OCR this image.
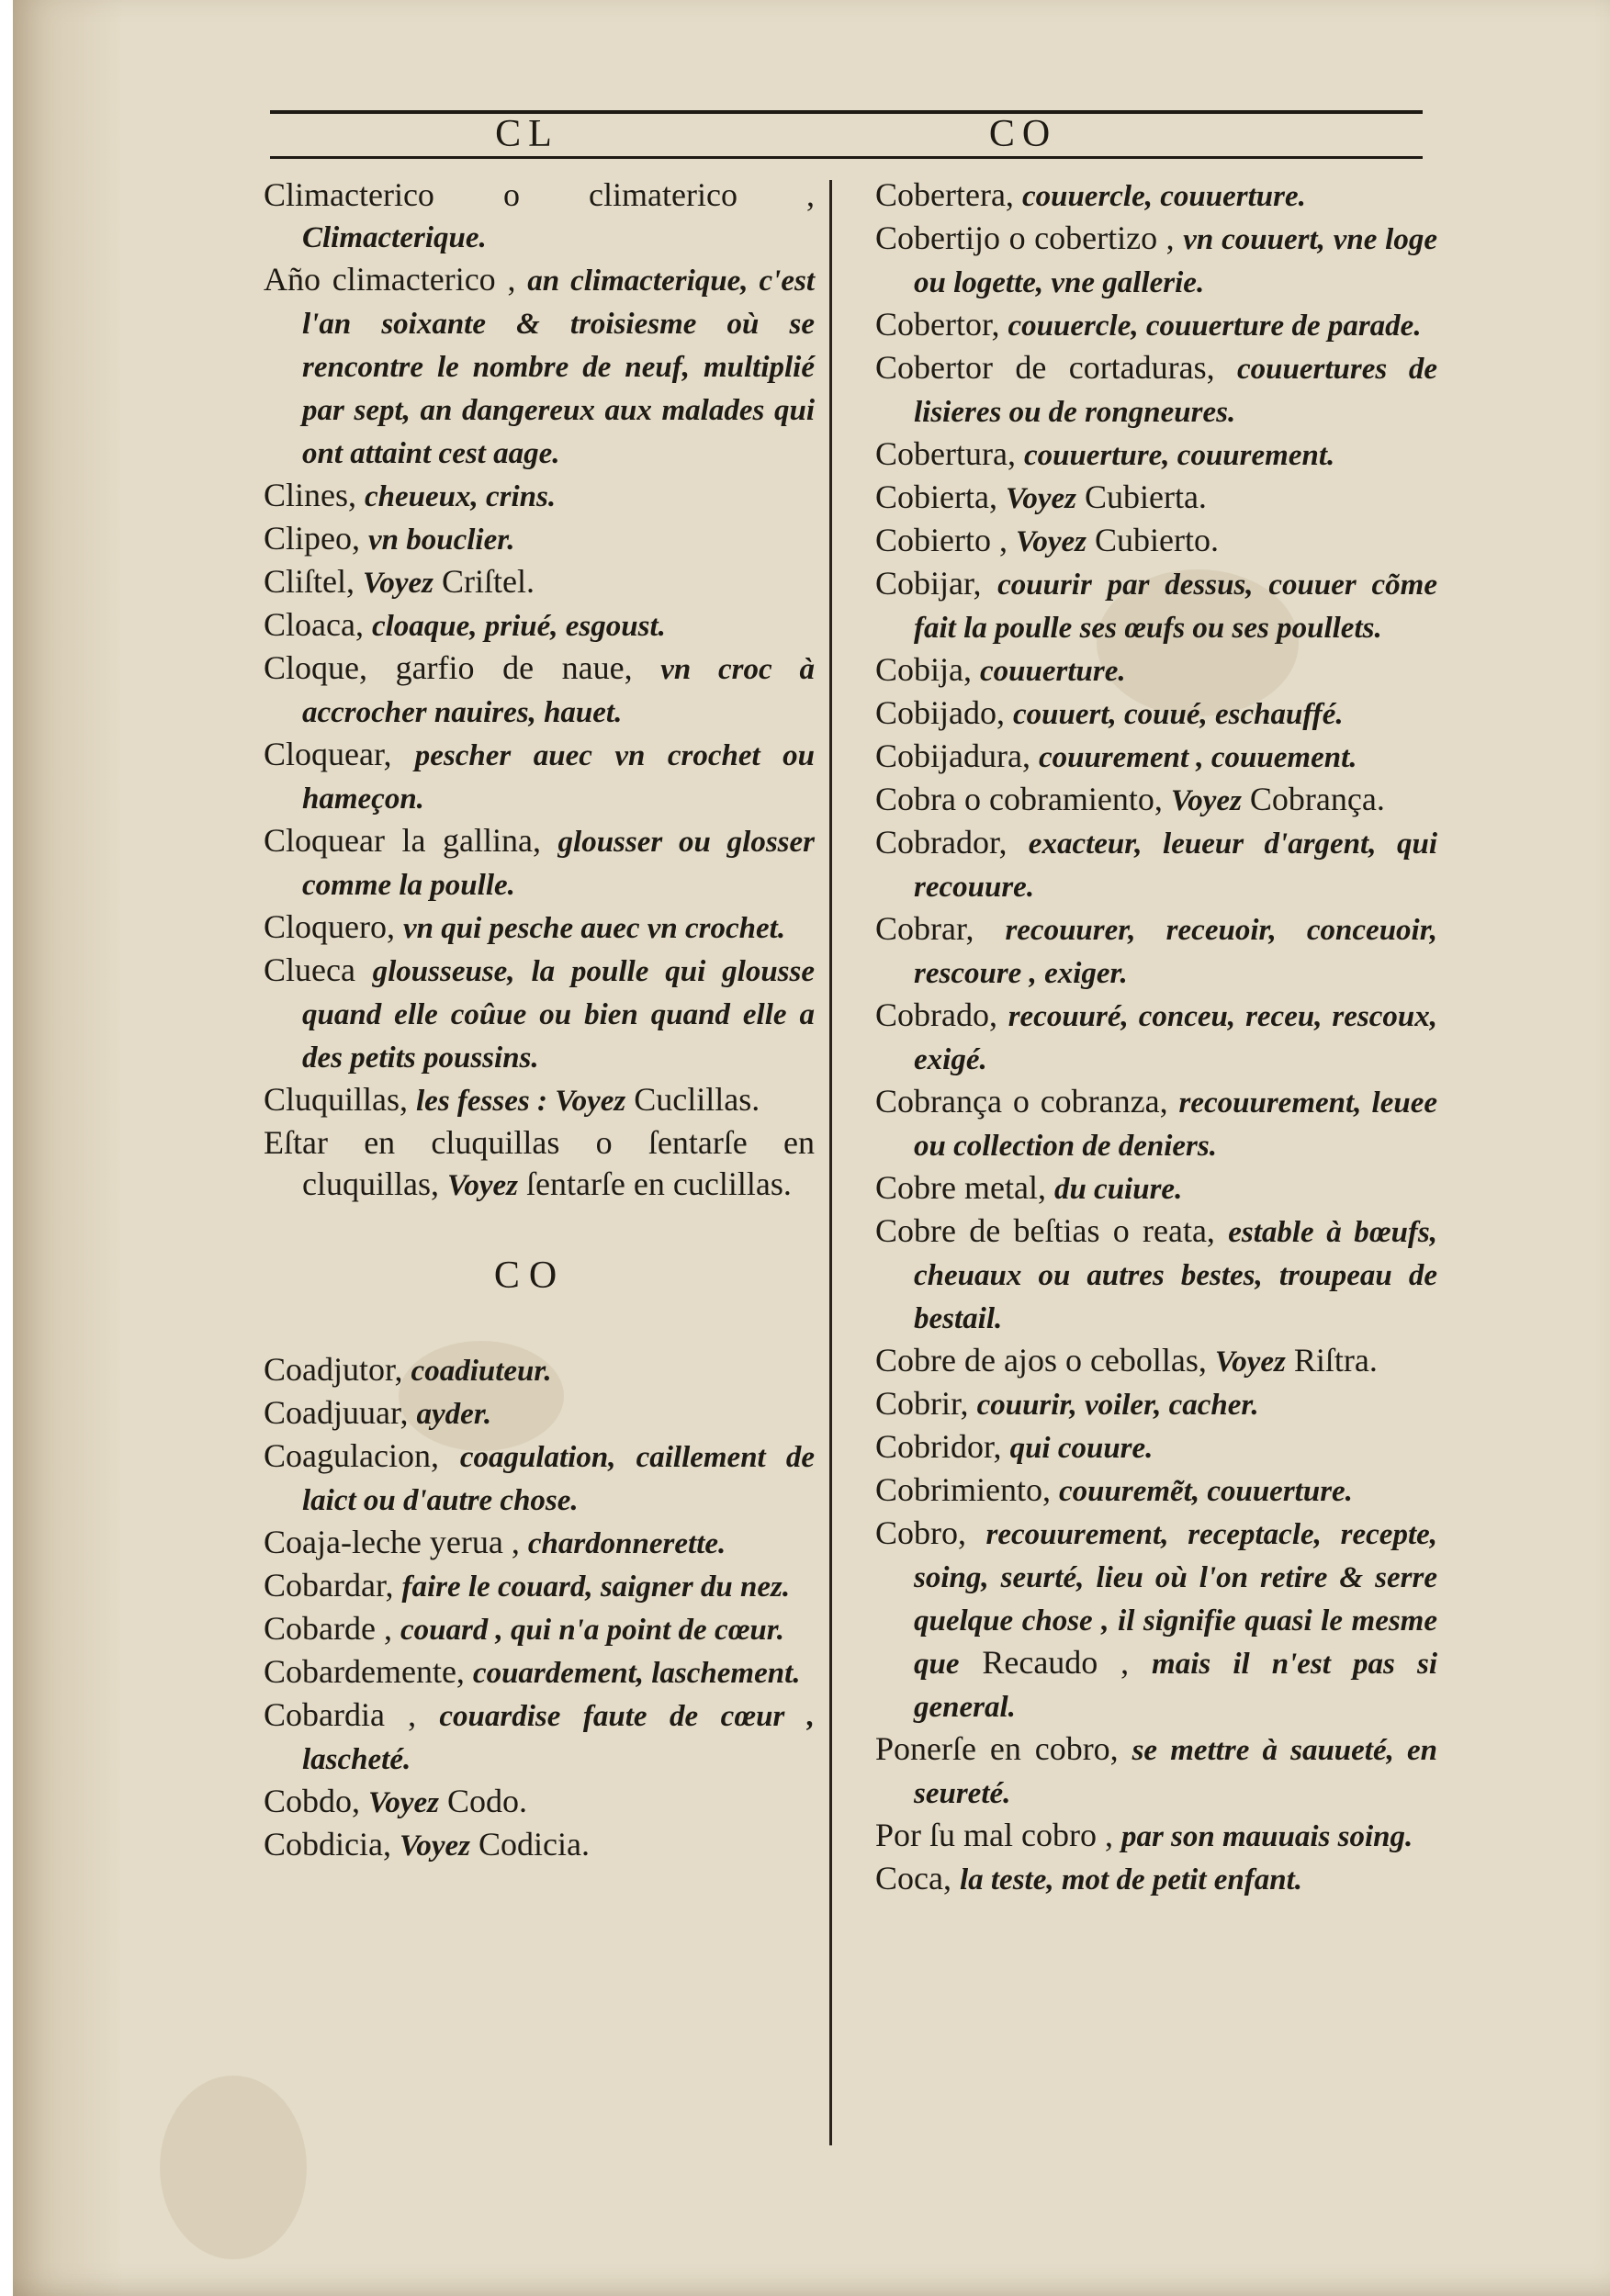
CL	CO
Climacterico o climaterico , Climacterique.
Año climacterico , an climacterique, c'est l'an soixante & troisiesme où se rencontre le nombre de neuf, multiplié par sept, an dangereux aux malades qui ont attaint cest aage.
Clines, cheueux, crins.
Clipeo, vn bouclier.
Cliſtel, Voyez Criſtel.
Cloaca, cloaque, priué, esgoust.
Cloque, garfio de naue, vn croc à accrocher nauires, hauet.
Cloquear, pescher auec vn crochet ou hameçon.
Cloquear la gallina, glousser ou glosser comme la poulle.
Cloquero, vn qui pesche auec vn crochet.
Clueca glousseuse, la poulle qui glousse quand elle coûue ou bien quand elle a des petits poussins.
Cluquillas, les fesses : Voyez Cuclillas.
Eſtar en cluquillas o ſentarſe en cluquillas, Voyez ſentarſe en cuclillas.
CO
Coadjutor, coadiuteur.
Coadjuuar, ayder.
Coagulacion, coagulation, caillement de laict ou d'autre chose.
Coaja-leche yerua , chardonnerette.
Cobardar, faire le couard, saigner du nez.
Cobarde , couard , qui n'a point de cœur.
Cobardemente, couardement, laschement.
Cobardia , couardise faute de cœur , lascheté.
Cobdo, Voyez Codo.
Cobdicia, Voyez Codicia.
Cobertera, couuercle, couuerture.
Cobertijo o cobertizo , vn couuert, vne loge ou logette, vne gallerie.
Cobertor, couuercle, couuerture de parade.
Cobertor de cortaduras, couuertures de lisieres ou de rongneures.
Cobertura, couuerture, couurement.
Cobierta, Voyez Cubierta.
Cobierto , Voyez Cubierto.
Cobijar, couurir par dessus, couuer cõme fait la poulle ses œufs ou ses poullets.
Cobija, couuerture.
Cobijado, couuert, couué, eschauffé.
Cobijadura, couurement , couuement.
Cobra o cobramiento, Voyez Cobrança.
Cobrador, exacteur, leueur d'argent, qui recouure.
Cobrar, recouurer, receuoir, conceuoir, rescoure , exiger.
Cobrado, recouuré, conceu, receu, rescoux, exigé.
Cobrança o cobranza, recouurement, leuee ou collection de deniers.
Cobre metal, du cuiure.
Cobre de beſtias o reata, estable à bœufs, cheuaux ou autres bestes, troupeau de bestail.
Cobre de ajos o cebollas, Voyez Riſtra.
Cobrir, couurir, voiler, cacher.
Cobridor, qui couure.
Cobrimiento, couuremẽt, couuerture.
Cobro, recouurement, receptacle, recepte, soing, seurté, lieu où l'on retire & serre quelque chose , il signifie quasi le mesme que Recaudo , mais il n'est pas si general.
Ponerſe en cobro, se mettre à sauueté, en seureté.
Por ſu mal cobro , par son mauuais soing.
Coca, la teste, mot de petit enfant.
